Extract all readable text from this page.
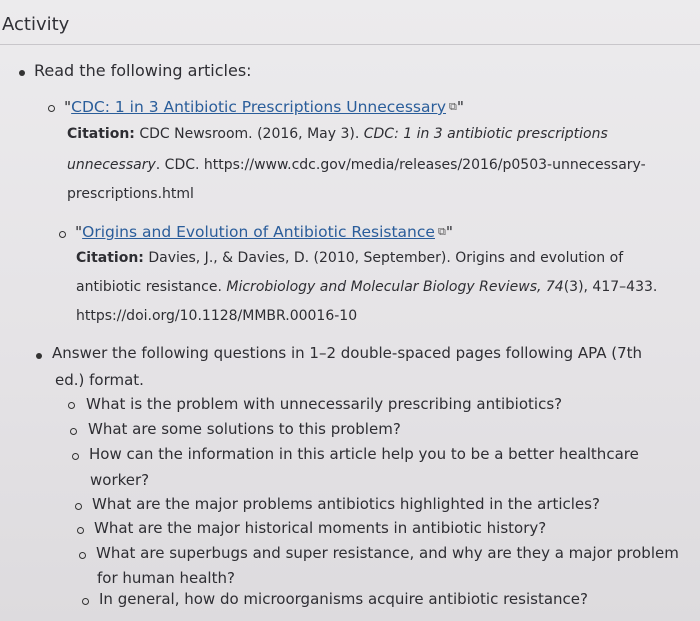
Activity
Read the following articles:
"CDC: 1 in 3 Antibiotic Prescriptions Unnecessary ⧉"
Citation: CDC Newsroom. (2016, May 3). CDC: 1 in 3 antibiotic prescriptions
unnecessary. CDC. https://www.cdc.gov/media/releases/2016/p0503-unnecessary-
prescriptions.html
"Origins and Evolution of Antibiotic Resistance ⧉"
Citation: Davies, J., & Davies, D. (2010, September). Origins and evolution of
antibiotic resistance. Microbiology and Molecular Biology Reviews, 74(3), 417–433.
https://doi.org/10.1128/MMBR.00016-10
Answer the following questions in 1–2 double-spaced pages following APA (7th
ed.) format.
What is the problem with unnecessarily prescribing antibiotics?
What are some solutions to this problem?
How can the information in this article help you to be a better healthcare
worker?
What are the major problems antibiotics highlighted in the articles?
What are the major historical moments in antibiotic history?
What are superbugs and super resistance, and why are they a major problem
for human health?
In general, how do microorganisms acquire antibiotic resistance?
